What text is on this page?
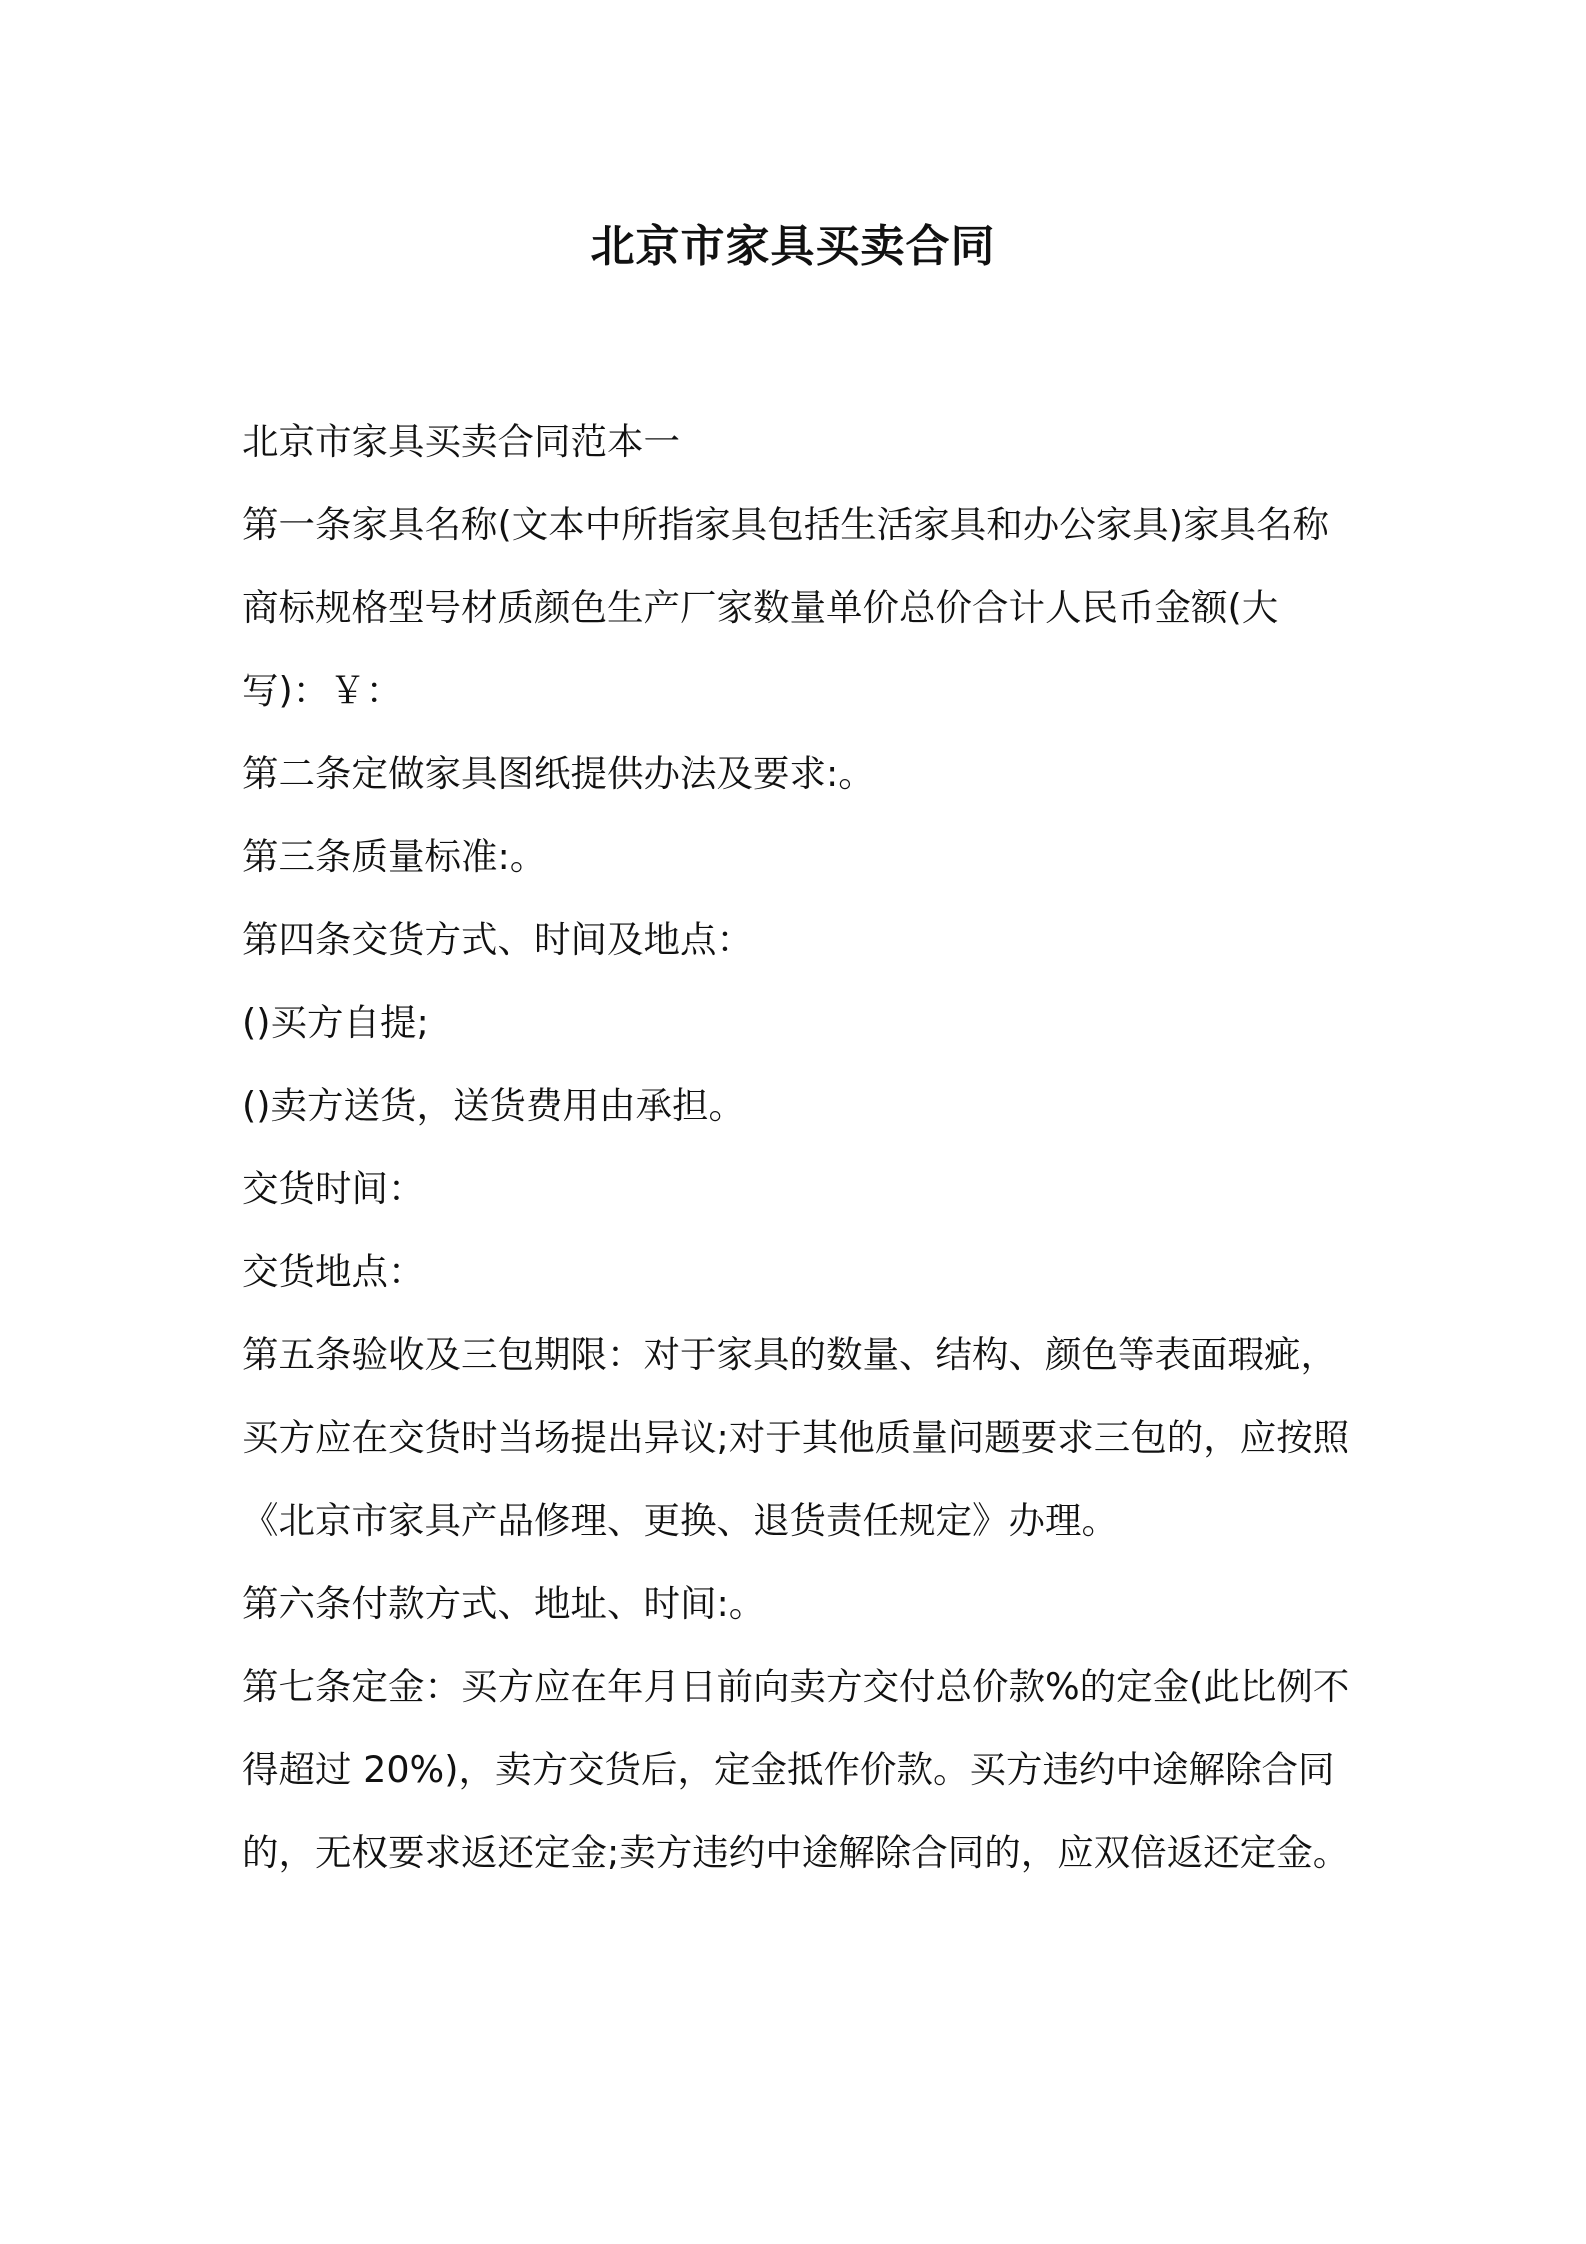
北京市家具买卖合同

北京市家具买卖合同范本一

第一条家具名称(文本中所指家具包括生活家具和办公家具)家具名称商标规格型号材质颜色生产厂家数量单价总价合计人民币金额(大写)：￥：

第二条定做家具图纸提供办法及要求:。

第三条质量标准:。

第四条交货方式、时间及地点：

()买方自提;

()卖方送货，送货费用由承担。

交货时间：

交货地点：

第五条验收及三包期限：对于家具的数量、结构、颜色等表面瑕疵，买方应在交货时当场提出异议;对于其他质量问题要求三包的，应按照《北京市家具产品修理、更换、退货责任规定》办理。

第六条付款方式、地址、时间:。

第七条定金：买方应在年月日前向卖方交付总价款%的定金(此比例不得超过 20%)，卖方交货后，定金抵作价款。买方违约中途解除合同的，无权要求返还定金;卖方违约中途解除合同的，应双倍返还定金。
